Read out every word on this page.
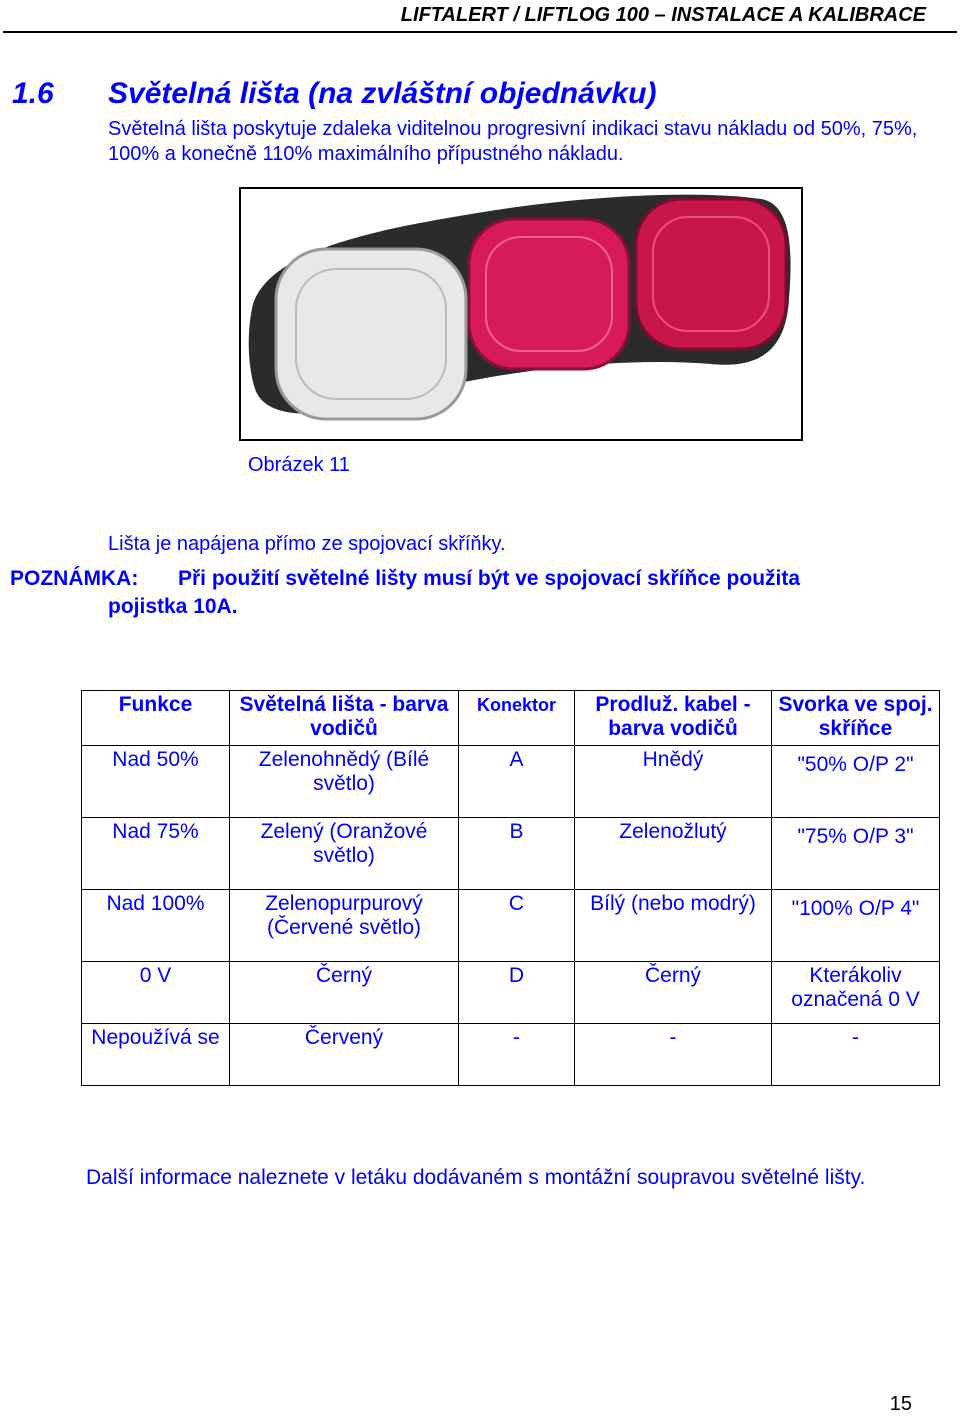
LIFTALERT / LIFTLOG 100 – INSTALACE A KALIBRACE
1.6 Světelná lišta (na zvláštní objednávku)
Světelná lišta poskytuje zdaleka viditelnou progresivní indikaci stavu nákladu od 50%, 75%, 100% a konečně 110% maximálního přípustného nákladu.
Obrázek 11
Lišta je napájena přímo ze spojovací skříňky.
POZNÁMKA: Při použití světelné lišty musí být ve spojovací skříňce použita
pojistka 10A.
Funkce	Světelná lišta - barva vodičů	Konektor	Prodluž. kabel - barva vodičů	Svorka ve spoj. skříňce
Nad 50%	Zelenohnědý (Bílé světlo)	A	Hnědý	"50% O/P 2"
Nad 75%	Zelený (Oranžové světlo)	B	Zelenožlutý	"75% O/P 3"
Nad 100%	Zelenopurpurový (Červené světlo)	C	Bílý (nebo modrý)	"100% O/P 4"
0 V	Černý	D	Černý	Kterákoliv označená 0 V
Nepoužívá se	Červený	-	-	-
Další informace naleznete v letáku dodávaném s montážní soupravou světelné lišty.
15
